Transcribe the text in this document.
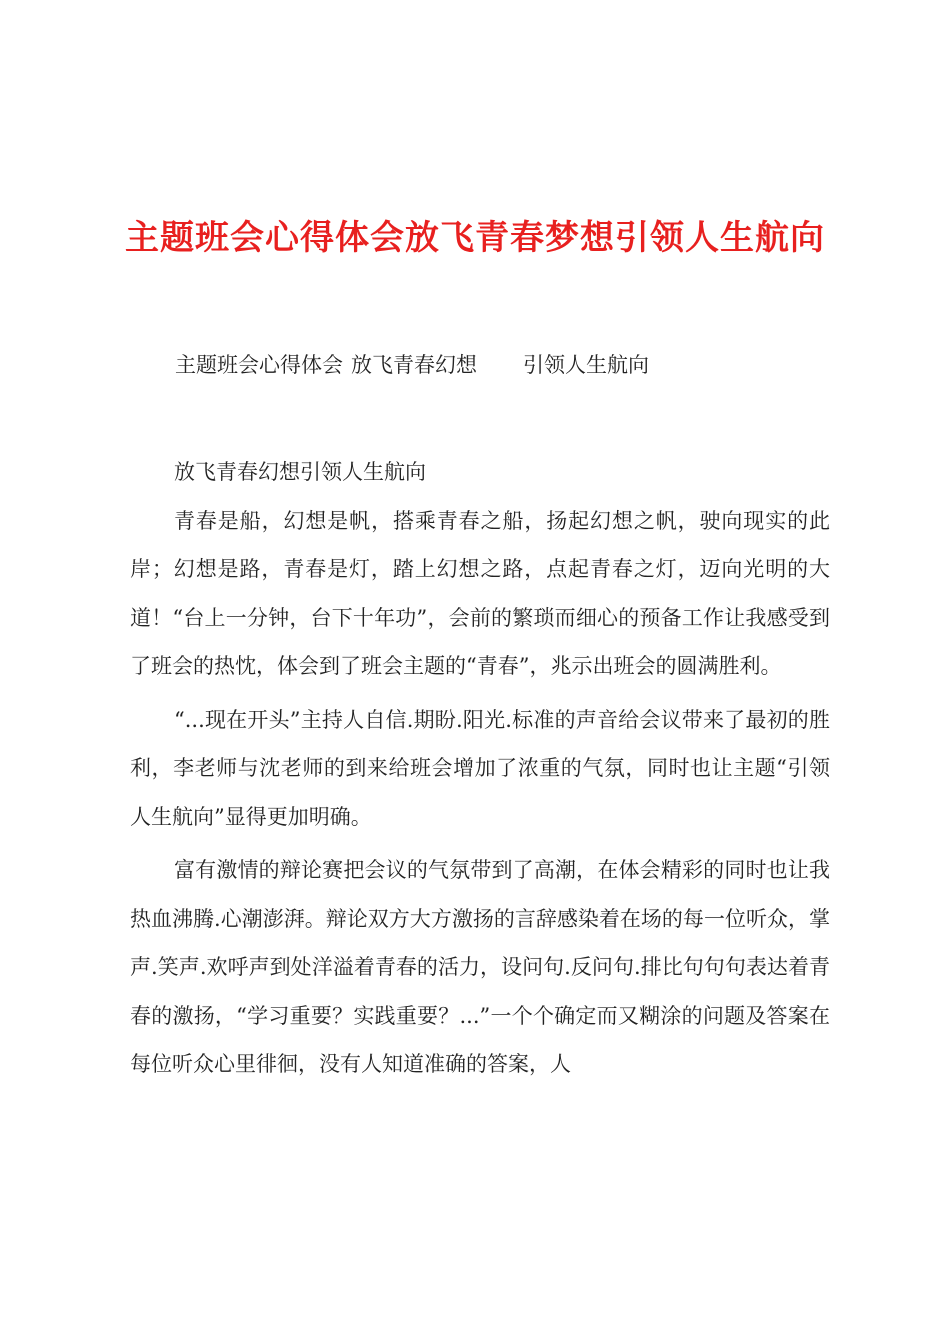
主题班会心得体会放飞青春梦想引领人生航向
主题班会心得体会 放飞青春幻想 引领人生航向

放飞青春幻想引领人生航向

青春是船，幻想是帆，搭乘青春之船，扬起幻想之帆，驶向现实的此岸；幻想是路，青春是灯，踏上幻想之路，点起青春之灯，迈向光明的大道！“台上一分钟，台下十年功”，会前的繁琐而细心的预备工作让我感受到了班会的热忱，体会到了班会主题的“青春”，兆示出班会的圆满胜利。

“...现在开头”主持人自信.期盼.阳光.标准的声音给会议带来了最初的胜利，李老师与沈老师的到来给班会增加了浓重的气氛，同时也让主题“引领人生航向”显得更加明确。

富有激情的辩论赛把会议的气氛带到了高潮，在体会精彩的同时也让我热血沸腾.心潮澎湃。辩论双方大方激扬的言辞感染着在场的每一位听众，掌声.笑声.欢呼声到处洋溢着青春的活力，设问句.反问句.排比句句句表达着青春的激扬，“学习重要？实践重要？...”一个个确定而又糊涂的问题及答案在每位听众心里徘徊，没有人知道准确的答案，人
